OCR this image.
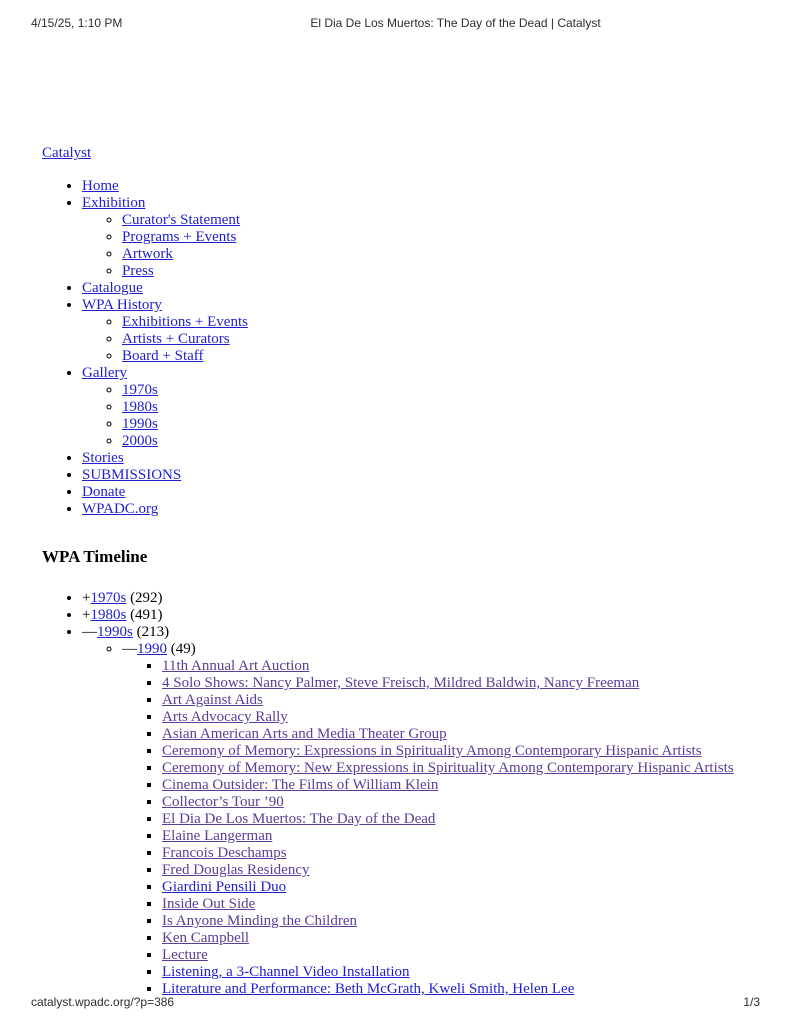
4/15/25, 1:10 PM	El Dia De Los Muertos: The Day of the Dead | Catalyst
Catalyst
• Home
• Exhibition
◦ Curator's Statement
◦ Programs + Events
◦ Artwork
◦ Press
• Catalogue
• WPA History
◦ Exhibitions + Events
◦ Artists + Curators
◦ Board + Staff
• Gallery
◦ 1970s
◦ 1980s
◦ 1990s
◦ 2000s
• Stories
• SUBMISSIONS
• Donate
• WPADC.org
WPA Timeline
• +1970s (292)
• +1980s (491)
• —1990s (213)
◦ —1990 (49)
▪ 11th Annual Art Auction
▪ 4 Solo Shows: Nancy Palmer, Steve Freisch, Mildred Baldwin, Nancy Freeman
▪ Art Against Aids
▪ Arts Advocacy Rally
▪ Asian American Arts and Media Theater Group
▪ Ceremony of Memory: Expressions in Spirituality Among Contemporary Hispanic Artists
▪ Ceremony of Memory: New Expressions in Spirituality Among Contemporary Hispanic Artists
▪ Cinema Outsider: The Films of William Klein
▪ Collector’s Tour ’90
▪ El Dia De Los Muertos: The Day of the Dead
▪ Elaine Langerman
▪ Francois Deschamps
▪ Fred Douglas Residency
▪ Giardini Pensili Duo
▪ Inside Out Side
▪ Is Anyone Minding the Children
▪ Ken Campbell
▪ Lecture
▪ Listening, a 3-Channel Video Installation
▪ Literature and Performance: Beth McGrath, Kweli Smith, Helen Lee
catalyst.wpadc.org/?p=386	1/3
